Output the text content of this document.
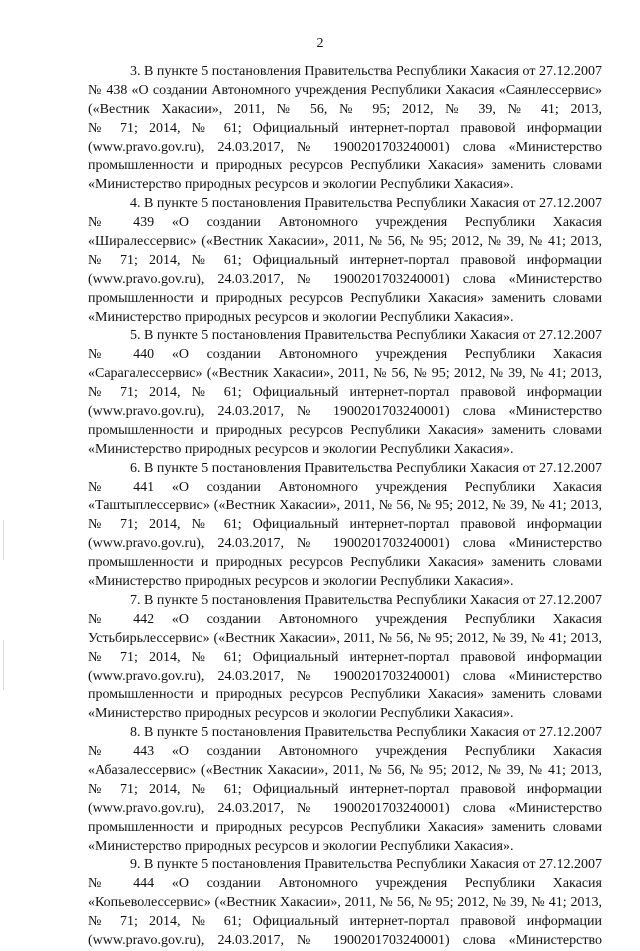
2
3. В пункте 5 постановления Правительства Республики Хакасия от 27.12.2007
№ 438 «О создании Автономного учреждения Республики Хакасия «Саянлессервис»
(«Вестник Хакасии», 2011, № 56, № 95; 2012, № 39, № 41; 2013,
№ 71; 2014, № 61; Официальный интернет-портал правовой информации
(www.pravo.gov.ru), 24.03.2017, № 1900201703240001) слова «Министерство
промышленности и природных ресурсов Республики Хакасия» заменить словами
«Министерство природных ресурсов и экологии Республики Хакасия».
4. В пункте 5 постановления Правительства Республики Хакасия от 27.12.2007
№ 439 «О создании Автономного учреждения Республики Хакасия
«Ширалессервис» («Вестник Хакасии», 2011, № 56, № 95; 2012, № 39, № 41; 2013,
№ 71; 2014, № 61; Официальный интернет-портал правовой информации
(www.pravo.gov.ru), 24.03.2017, № 1900201703240001) слова «Министерство
промышленности и природных ресурсов Республики Хакасия» заменить словами
«Министерство природных ресурсов и экологии Республики Хакасия».
5. В пункте 5 постановления Правительства Республики Хакасия от 27.12.2007
№ 440 «О создании Автономного учреждения Республики Хакасия
«Сарагалессервис» («Вестник Хакасии», 2011, № 56, № 95; 2012, № 39, № 41; 2013,
№ 71; 2014, № 61; Официальный интернет-портал правовой информации
(www.pravo.gov.ru), 24.03.2017, № 1900201703240001) слова «Министерство
промышленности и природных ресурсов Республики Хакасия» заменить словами
«Министерство природных ресурсов и экологии Республики Хакасия».
6. В пункте 5 постановления Правительства Республики Хакасия от 27.12.2007
№ 441 «О создании Автономного учреждения Республики Хакасия
«Таштыплессервис» («Вестник Хакасии», 2011, № 56, № 95; 2012, № 39, № 41; 2013,
№ 71; 2014, № 61; Официальный интернет-портал правовой информации
(www.pravo.gov.ru), 24.03.2017, № 1900201703240001) слова «Министерство
промышленности и природных ресурсов Республики Хакасия» заменить словами
«Министерство природных ресурсов и экологии Республики Хакасия».
7. В пункте 5 постановления Правительства Республики Хакасия от 27.12.2007
№ 442 «О создании Автономного учреждения Республики Хакасия
Устьбирьлессервис» («Вестник Хакасии», 2011, № 56, № 95; 2012, № 39, № 41; 2013,
№ 71; 2014, № 61; Официальный интернет-портал правовой информации
(www.pravo.gov.ru), 24.03.2017, № 1900201703240001) слова «Министерство
промышленности и природных ресурсов Республики Хакасия» заменить словами
«Министерство природных ресурсов и экологии Республики Хакасия».
8. В пункте 5 постановления Правительства Республики Хакасия от 27.12.2007
№ 443 «О создании Автономного учреждения Республики Хакасия
«Абазалессервис» («Вестник Хакасии», 2011, № 56, № 95; 2012, № 39, № 41; 2013,
№ 71; 2014, № 61; Официальный интернет-портал правовой информации
(www.pravo.gov.ru), 24.03.2017, № 1900201703240001) слова «Министерство
промышленности и природных ресурсов Республики Хакасия» заменить словами
«Министерство природных ресурсов и экологии Республики Хакасия».
9. В пункте 5 постановления Правительства Республики Хакасия от 27.12.2007
№ 444 «О создании Автономного учреждения Республики Хакасия
«Копьеволессервис» («Вестник Хакасии», 2011, № 56, № 95; 2012, № 39, № 41; 2013,
№ 71; 2014, № 61; Официальный интернет-портал правовой информации
(www.pravo.gov.ru), 24.03.2017, № 1900201703240001) слова «Министерство
